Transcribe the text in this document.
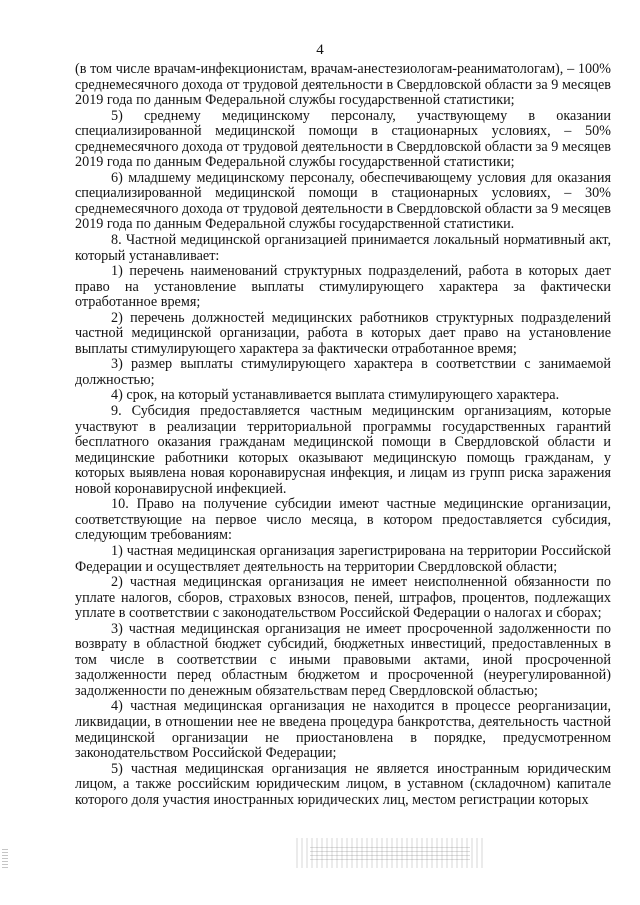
4

(в том числе врачам-инфекционистам, врачам-анестезиологам-реаниматологам), – 100% среднемесячного дохода от трудовой деятельности в Свердловской области за 9 месяцев 2019 года по данным Федеральной службы государственной статистики;

5) среднему медицинскому персоналу, участвующему в оказании специализированной медицинской помощи в стационарных условиях, – 50% среднемесячного дохода от трудовой деятельности в Свердловской области за 9 месяцев 2019 года по данным Федеральной службы государственной статистики;

6) младшему медицинскому персоналу, обеспечивающему условия для оказания специализированной медицинской помощи в стационарных условиях, – 30% среднемесячного дохода от трудовой деятельности в Свердловской области за 9 месяцев 2019 года по данным Федеральной службы государственной статистики.

8. Частной медицинской организацией принимается локальный нормативный акт, который устанавливает:

1) перечень наименований структурных подразделений, работа в которых дает право на установление выплаты стимулирующего характера за фактически отработанное время;

2) перечень должностей медицинских работников структурных подразделений частной медицинской организации, работа в которых дает право на установление выплаты стимулирующего характера за фактически отработанное время;

3) размер выплаты стимулирующего характера в соответствии с занимаемой должностью;

4) срок, на который устанавливается выплата стимулирующего характера.

9. Субсидия предоставляется частным медицинским организациям, которые участвуют в реализации территориальной программы государственных гарантий бесплатного оказания гражданам медицинской помощи в Свердловской области и медицинские работники которых оказывают медицинскую помощь гражданам, у которых выявлена новая коронавирусная инфекция, и лицам из групп риска заражения новой коронавирусной инфекцией.

10. Право на получение субсидии имеют частные медицинские организации, соответствующие на первое число месяца, в котором предоставляется субсидия, следующим требованиям:

1) частная медицинская организация зарегистрирована на территории Российской Федерации и осуществляет деятельность на территории Свердловской области;

2) частная медицинская организация не имеет неисполненной обязанности по уплате налогов, сборов, страховых взносов, пеней, штрафов, процентов, подлежащих уплате в соответствии с законодательством Российской Федерации о налогах и сборах;

3) частная медицинская организация не имеет просроченной задолженности по возврату в областной бюджет субсидий, бюджетных инвестиций, предоставленных в том числе в соответствии с иными правовыми актами, иной просроченной задолженности перед областным бюджетом и просроченной (неурегулированной) задолженности по денежным обязательствам перед Свердловской областью;

4) частная медицинская организация не находится в процессе реорганизации, ликвидации, в отношении нее не введена процедура банкротства, деятельность частной медицинской организации не приостановлена в порядке, предусмотренном законодательством Российской Федерации;

5) частная медицинская организация не является иностранным юридическим лицом, а также российским юридическим лицом, в уставном (складочном) капитале которого доля участия иностранных юридических лиц, местом регистрации которых
